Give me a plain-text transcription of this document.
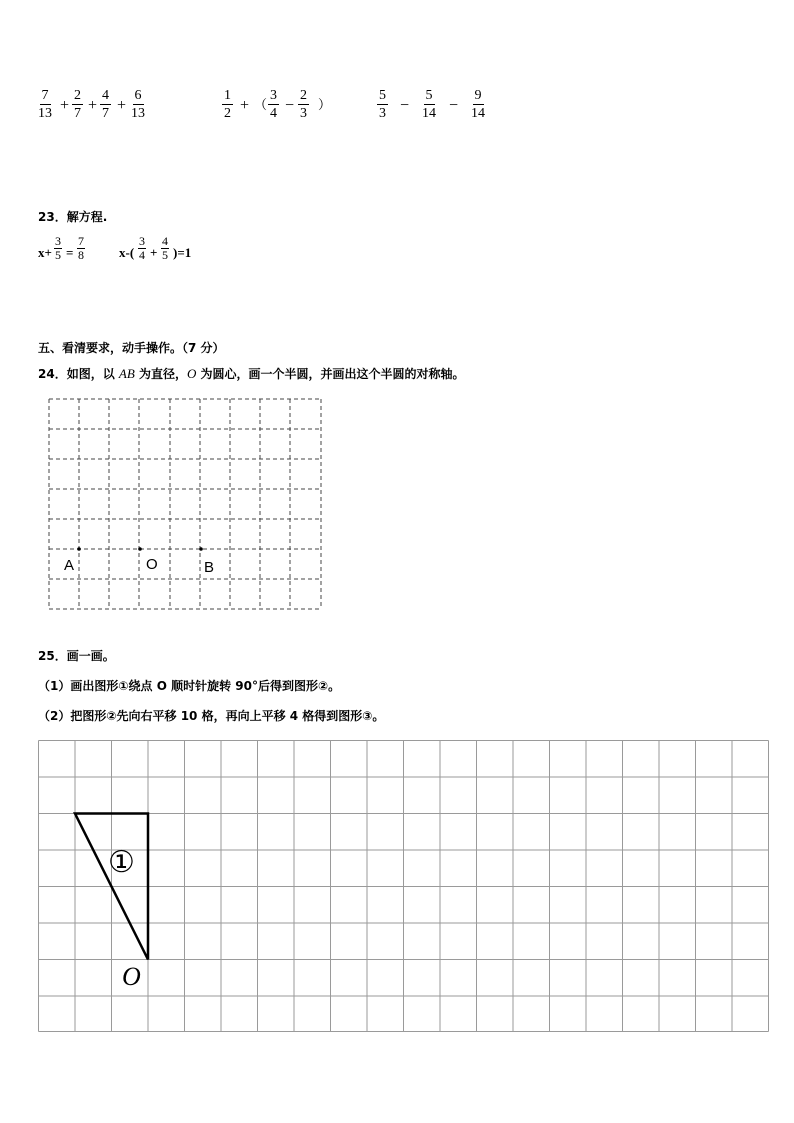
$\frac{7}{13} + \frac{2}{7} + \frac{4}{7} + \frac{6}{13}$	$\frac{1}{2}$ + （ $\frac{3}{4} - \frac{2}{3}$ ）	$\frac{5}{3} - \frac{5}{14} - \frac{9}{14}$
23．解方程.
$x+ \frac{3}{5} = \frac{7}{8}$	$x-( \frac{3}{4} + \frac{4}{5} )=1$
五、看清要求，动手操作。（7 分）
24．如图，以 AB 为直径，O 为圆心，画一个半圆，并画出这个半圆的对称轴。
A	O	B
25．画一画。
（1）画出图形①绕点 O 顺时针旋转 90°后得到图形②。
（2）把图形②先向右平移 10 格，再向上平移 4 格得到图形③。
①
O
